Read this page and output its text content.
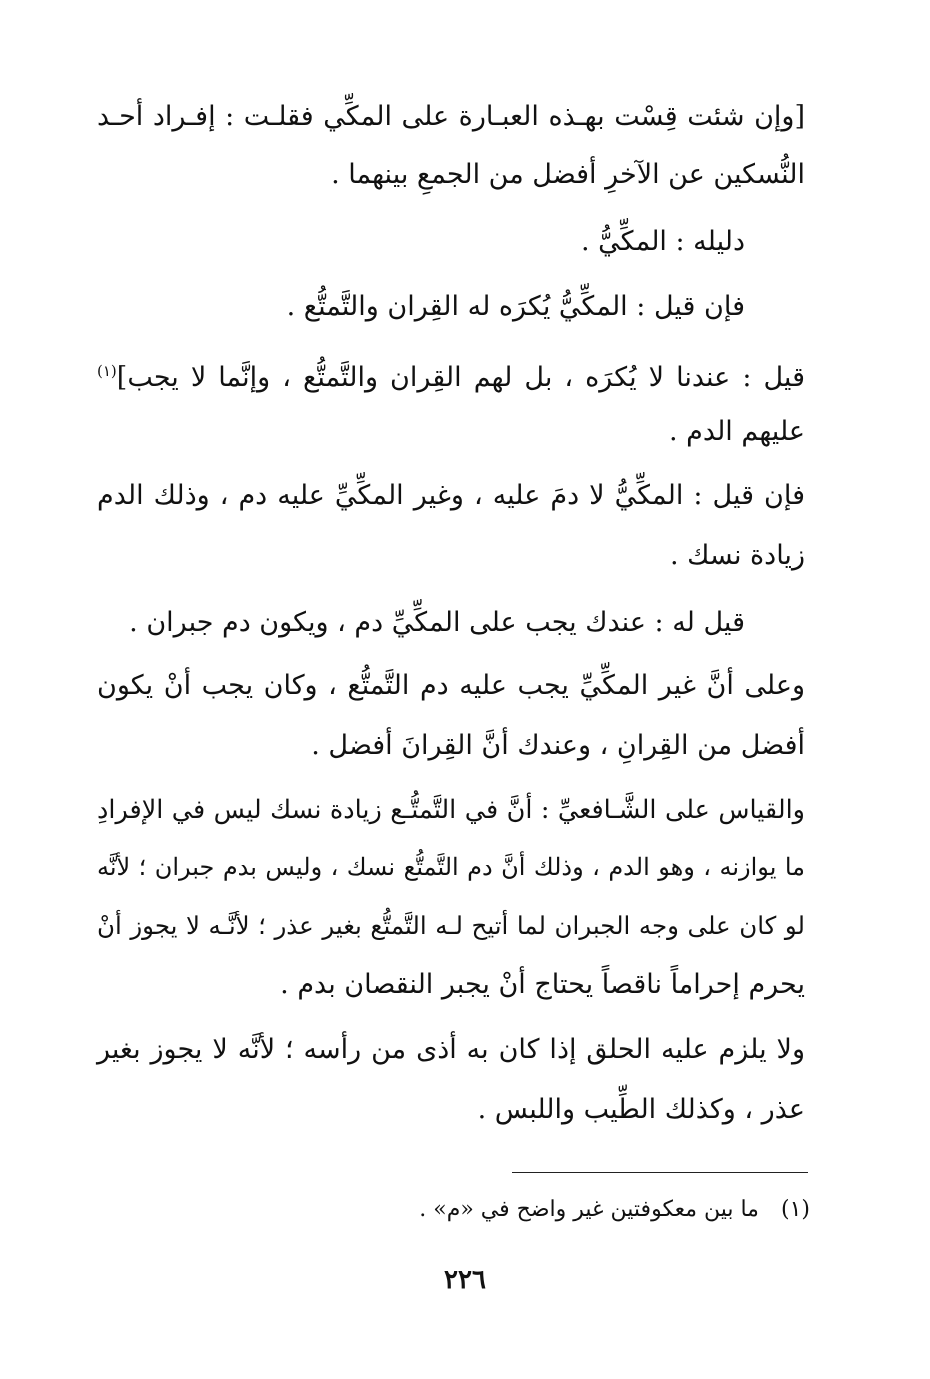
[وإن شئت قِسْت بهـذه العبـارة على المكِّي فقلـت : إفـراد أحـد
النُّسكين عن الآخرِ أفضل من الجمعِ بينهما .
دليله : المكِّيُّ .
فإن قيل : المكِّيُّ يُكرَه له القِران والتَّمتُّع .
قيل : عندنا لا يُكرَه ، بل لهم القِران والتَّمتُّع ، وإنَّما لا يجب]$^{(١)}$
عليهم الدم .
فإن قيل : المكِّيُّ لا دمَ عليه ، وغير المكِّيِّ عليه دم ، وذلك الدم
زيادة نسك .
قيل له : عندك يجب على المكِّيِّ دم ، ويكون دم جبران .
وعلى أنَّ غير المكِّيِّ يجب عليه دم التَّمتُّع ، وكان يجب أنْ يكون
أفضل من القِرانِ ، وعندك أنَّ القِرانَ أفضل .
والقياس على الشَّـافعيِّ : أنَّ في التَّمتُّـع زيادة نسك ليس في الإفرادِ
ما يوازنه ، وهو الدم ، وذلك أنَّ دم التَّمتُّع نسك ، وليس بدم جبران ؛ لأنَّه
لو كان على وجه الجبران لما أتيح لـه التَّمتُّع بغير عذر ؛ لأنَّـه لا يجوز أنْ
يحرم إحراماً ناقصاً يحتاج أنْ يجبر النقصان بدم .
ولا يلزم عليه الحلق إذا كان به أذى من رأسه ؛ لأنَّه لا يجوز بغير
عذر ، وكذلك الطِّيب واللبس .
(١)ما بين معكوفتين غير واضح في «م» .
٢٢٦
